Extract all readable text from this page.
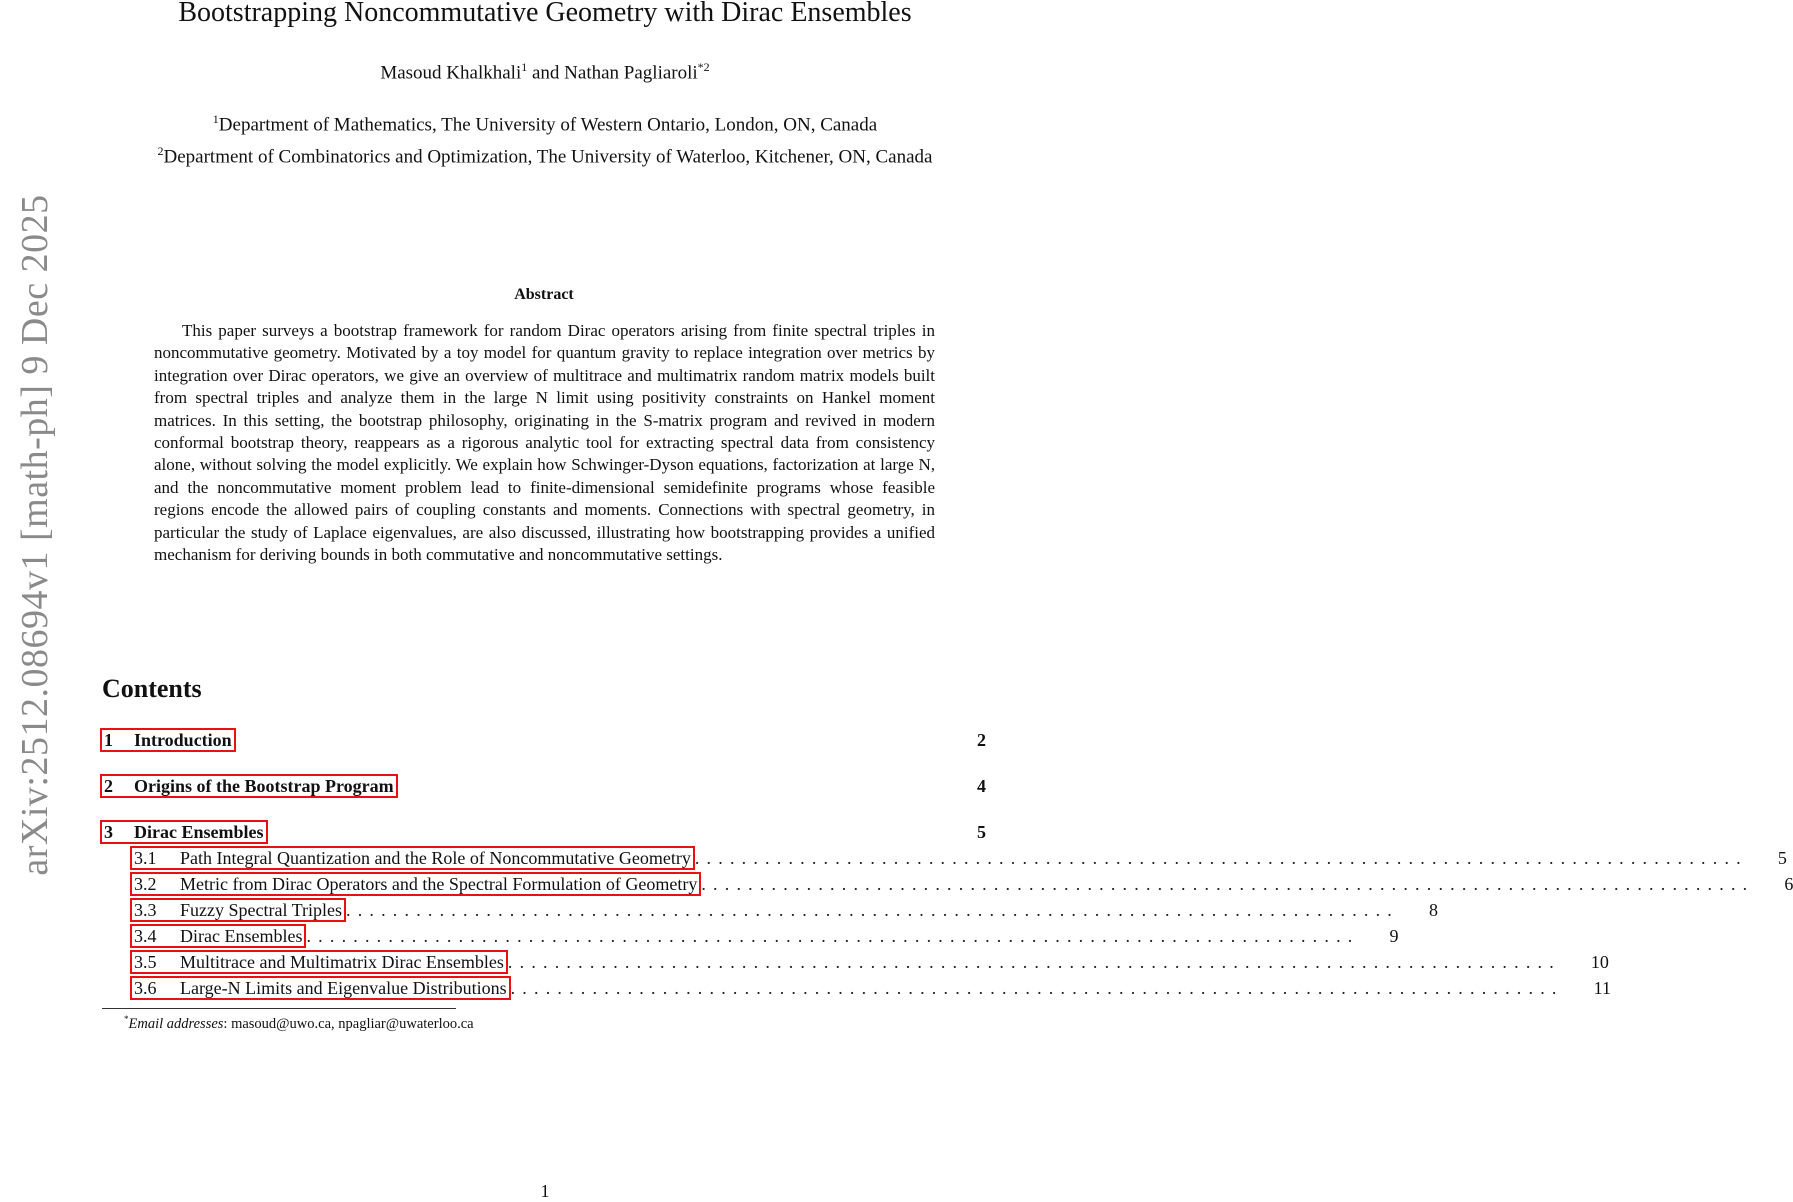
arXiv:2512.08694v1 [math-ph] 9 Dec 2025
Bootstrapping Noncommutative Geometry with Dirac Ensembles
Masoud Khalkhali$^1$ and Nathan Pagliaroli$^{*2}$
$^1$Department of Mathematics, The University of Western Ontario, London, ON, Canada
$^2$Department of Combinatorics and Optimization, The University of Waterloo, Kitchener, ON, Canada
Abstract

This paper surveys a bootstrap framework for random Dirac operators arising from finite spectral triples in noncommutative geometry. Motivated by a toy model for quantum gravity to replace integration over metrics by integration over Dirac operators, we give an overview of multitrace and multimatrix random matrix models built from spectral triples and analyze them in the large N limit using positivity constraints on Hankel moment matrices. In this setting, the bootstrap philosophy, originating in the S-matrix program and revived in modern conformal bootstrap theory, reappears as a rigorous analytic tool for extracting spectral data from consistency alone, without solving the model explicitly. We explain how Schwinger-Dyson equations, factorization at large N, and the noncommutative moment problem lead to finite-dimensional semidefinite programs whose feasible regions encode the allowed pairs of coupling constants and moments. Connections with spectral geometry, in particular the study of Laplace eigenvalues, are also discussed, illustrating how bootstrapping provides a unified mechanism for deriving bounds in both commutative and noncommutative settings.

Contents
1	Introduction	2
2	Origins of the Bootstrap Program	4
3	Dirac Ensembles	5
3.1	Path Integral Quantization and the Role of Noncommutative Geometry ..........................................................................................	5
3.2	Metric from Dirac Operators and the Spectral Formulation of Geometry ..........................................................................................	6
3.3	Fuzzy Spectral Triples ..........................................................................................	8
3.4	Dirac Ensembles ..........................................................................................	9
3.5	Multitrace and Multimatrix Dirac Ensembles ..........................................................................................	10
3.6	Large-N Limits and Eigenvalue Distributions ..........................................................................................	11
*Email addresses: masoud@uwo.ca, npagliar@uwaterloo.ca
1
